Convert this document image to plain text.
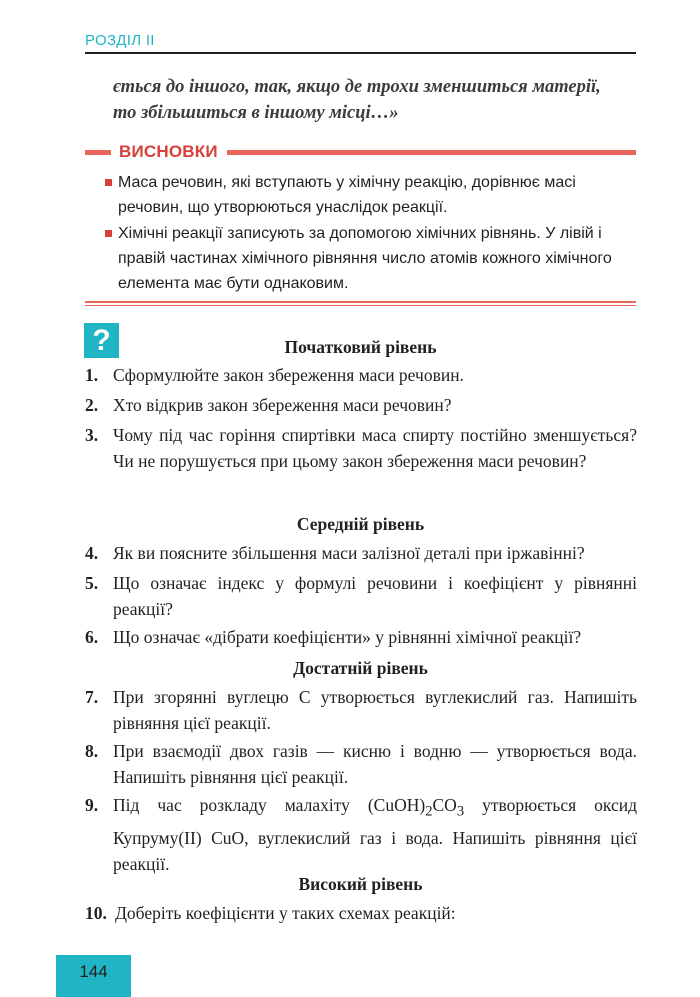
РОЗДІЛ ІІ
ється до іншого, так, якщо де трохи зменшиться матерії,
то збільшиться в іншому місці…»
ВИСНОВКИ
Маса речовин, які вступають у хімічну реакцію, дорівнює масі речовин, що утворюються унаслідок реакції.
Хімічні реакції записують за допомогою хімічних рівнянь. У лівій і правій частинах хімічного рівняння число атомів кожного хімічного елемента має бути однаковим.
?	Початковий рівень
1. Сформулюйте закон збереження маси речовин.
2. Хто відкрив закон збереження маси речовин?
3. Чому під час горіння спиртівки маса спирту постійно зменшується? Чи не порушується при цьому закон збереження маси речовин?
Середній рівень
4. Як ви поясните збільшення маси залізної деталі при іржавінні?
5. Що означає індекс у формулі речовини і коефіцієнт у рівнянні реакції?
6. Що означає «дібрати коефіцієнти» у рівнянні хімічної реакції?
Достатній рівень
7. При згорянні вуглецю С утворюється вуглекислий газ. Напишіть рівняння цієї реакції.
8. При взаємодії двох газів — кисню і водню — утворюється вода. Напишіть рівняння цієї реакції.
9. Під час розкладу малахіту $(CuOH)_2CO_3$ утворюється оксид Купруму(ІІ) CuO, вуглекислий газ і вода. Напишіть рівняння цієї реакції.
Високий рівень
10. Доберіть коефіцієнти у таких схемах реакцій:
144
